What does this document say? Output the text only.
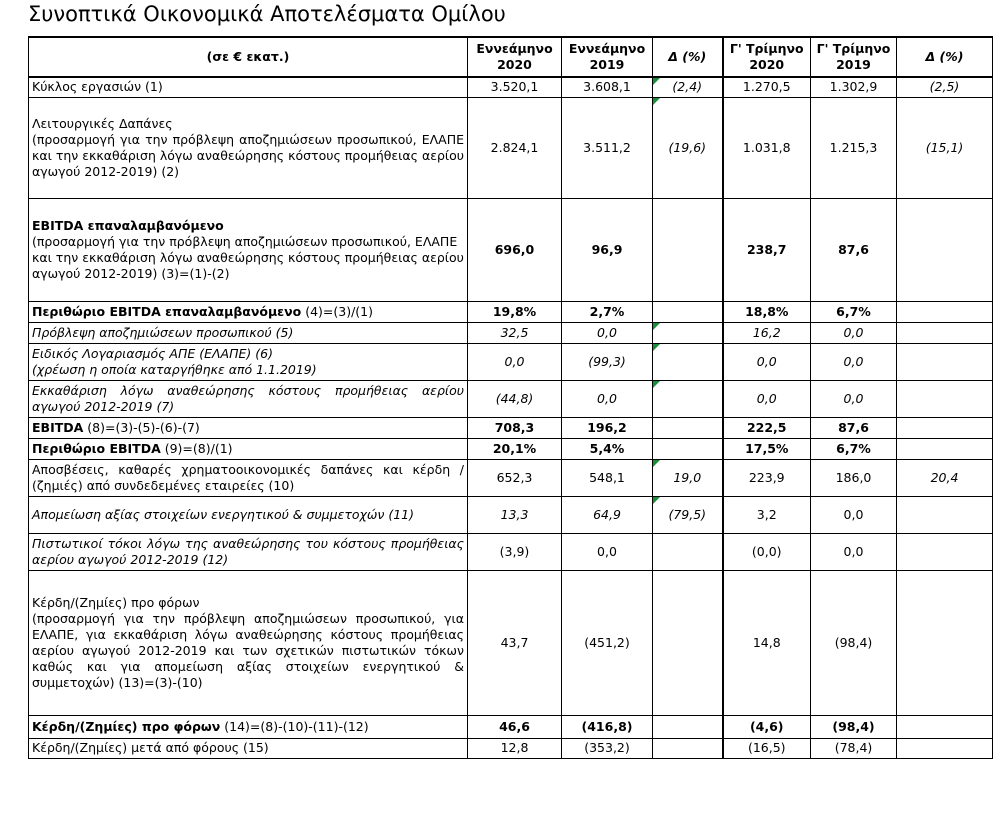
Συνοπτικά Οικονομικά Αποτελέσματα Ομίλου
(σε € εκατ.)	Εννεάμηνο 2020	Εννεάμηνο 2019	Δ (%)	Γ' Τρίμηνο 2020	Γ' Τρίμηνο 2019	Δ (%)
Κύκλος εργασιών (1)	3.520,1	3.608,1	(2,4)	1.270,5	1.302,9	(2,5)
Λειτουργικές Δαπάνες
(προσαρμογή για την πρόβλεψη αποζημιώσεων προσωπικού, ΕΛΑΠΕ και την εκκαθάριση λόγω αναθεώρησης κόστους προμήθειας αερίου αγωγού 2012-2019) (2)	2.824,1	3.511,2	(19,6)	1.031,8	1.215,3	(15,1)
EBITDA επαναλαμβανόμενο
(προσαρμογή για την πρόβλεψη αποζημιώσεων προσωπικού, ΕΛΑΠΕ και την εκκαθάριση λόγω αναθεώρησης κόστους προμήθειας αερίου αγωγού 2012-2019) (3)=(1)-(2)	696,0	96,9		238,7	87,6	
Περιθώριο EBITDA επαναλαμβανόμενο (4)=(3)/(1)	19,8%	2,7%		18,8%	6,7%	
Πρόβλεψη αποζημιώσεων προσωπικού (5)	32,5	0,0		16,2	0,0	
Ειδικός Λογαριασμός ΑΠΕ (ΕΛΑΠΕ) (6)
(χρέωση η οποία καταργήθηκε από 1.1.2019)	0,0	(99,3)		0,0	0,0	
Εκκαθάριση λόγω αναθεώρησης κόστους προμήθειας αερίου αγωγού 2012-2019 (7)	(44,8)	0,0		0,0	0,0	
EBITDA (8)=(3)-(5)-(6)-(7)	708,3	196,2		222,5	87,6	
Περιθώριο EBITDA (9)=(8)/(1)	20,1%	5,4%		17,5%	6,7%	
Αποσβέσεις, καθαρές χρηματοοικονομικές δαπάνες και κέρδη / (ζημιές) από συνδεδεμένες εταιρείες (10)	652,3	548,1	19,0	223,9	186,0	20,4
Απομείωση αξίας στοιχείων ενεργητικού & συμμετοχών (11)	13,3	64,9	(79,5)	3,2	0,0	
Πιστωτικοί τόκοι λόγω της αναθεώρησης του κόστους προμήθειας αερίου αγωγού 2012-2019 (12)	(3,9)	0,0		(0,0)	0,0	
Κέρδη/(Ζημίες) προ φόρων
(προσαρμογή για την πρόβλεψη αποζημιώσεων προσωπικού, για ΕΛΑΠΕ, για εκκαθάριση λόγω αναθεώρησης κόστους προμήθειας αερίου αγωγού 2012-2019 και των σχετικών πιστωτικών τόκων καθώς και για απομείωση αξίας στοιχείων ενεργητικού & συμμετοχών) (13)=(3)-(10)	43,7	(451,2)		14,8	(98,4)	
Κέρδη/(Ζημίες) προ φόρων (14)=(8)-(10)-(11)-(12)	46,6	(416,8)		(4,6)	(98,4)	
Κέρδη/(Ζημίες) μετά από φόρους (15)	12,8	(353,2)		(16,5)	(78,4)	
